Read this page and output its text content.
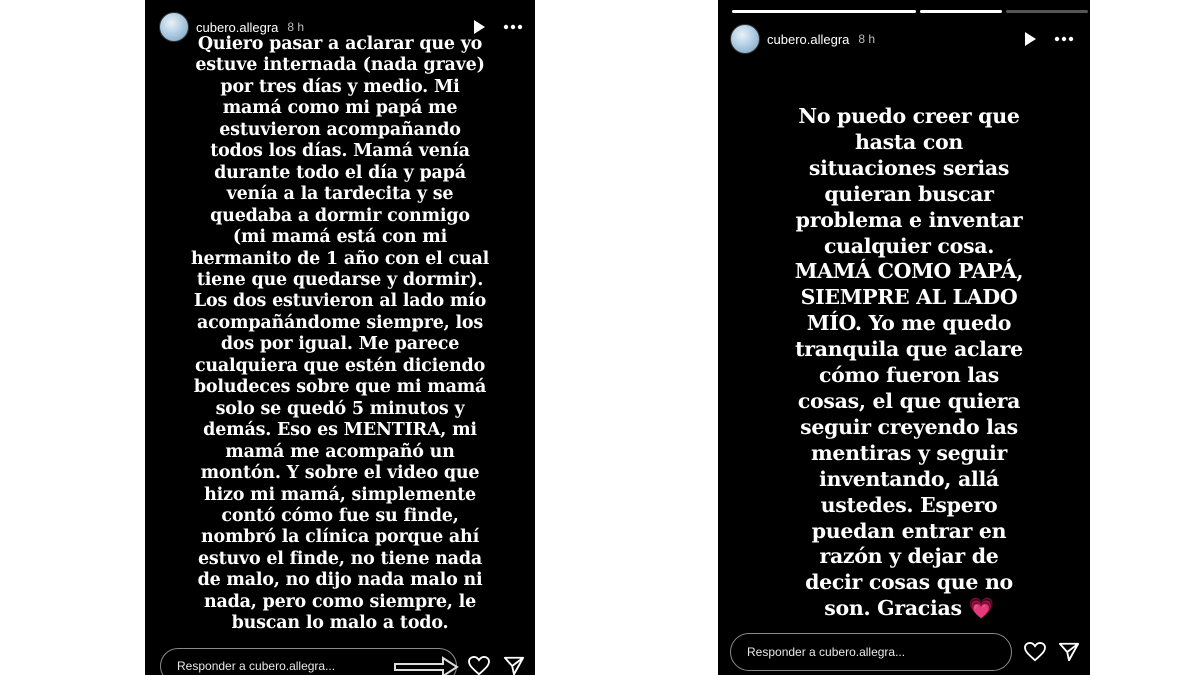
cubero.allegra 8 h
Quiero pasar a aclarar que yo
estuve internada (nada grave)
por tres días y medio. Mi
mamá como mi papá me
estuvieron acompañando
todos los días. Mamá venía
durante todo el día y papá
venía a la tardecita y se
quedaba a dormir conmigo
(mi mamá está con mi
hermanito de 1 año con el cual
tiene que quedarse y dormir).
Los dos estuvieron al lado mío
acompañándome siempre, los
dos por igual. Me parece
cualquiera que estén diciendo
boludeces sobre que mi mamá
solo se quedó 5 minutos y
demás. Eso es MENTIRA, mi
mamá me acompañó un
montón. Y sobre el video que
hizo mi mamá, simplemente
contó cómo fue su finde,
nombró la clínica porque ahí
estuvo el finde, no tiene nada
de malo, no dijo nada malo ni
nada, pero como siempre, le
buscan lo malo a todo.
Responder a cubero.allegra...
cubero.allegra 8 h
No puedo creer que
hasta con
situaciones serias
quieran buscar
problema e inventar
cualquier cosa.
MAMÁ COMO PAPÁ,
SIEMPRE AL LADO
MÍO. Yo me quedo
tranquila que aclare
cómo fueron las
cosas, el que quiera
seguir creyendo las
mentiras y seguir
inventando, allá
ustedes. Espero
puedan entrar en
razón y dejar de
decir cosas que no
son. Gracias 💗
Responder a cubero.allegra...
